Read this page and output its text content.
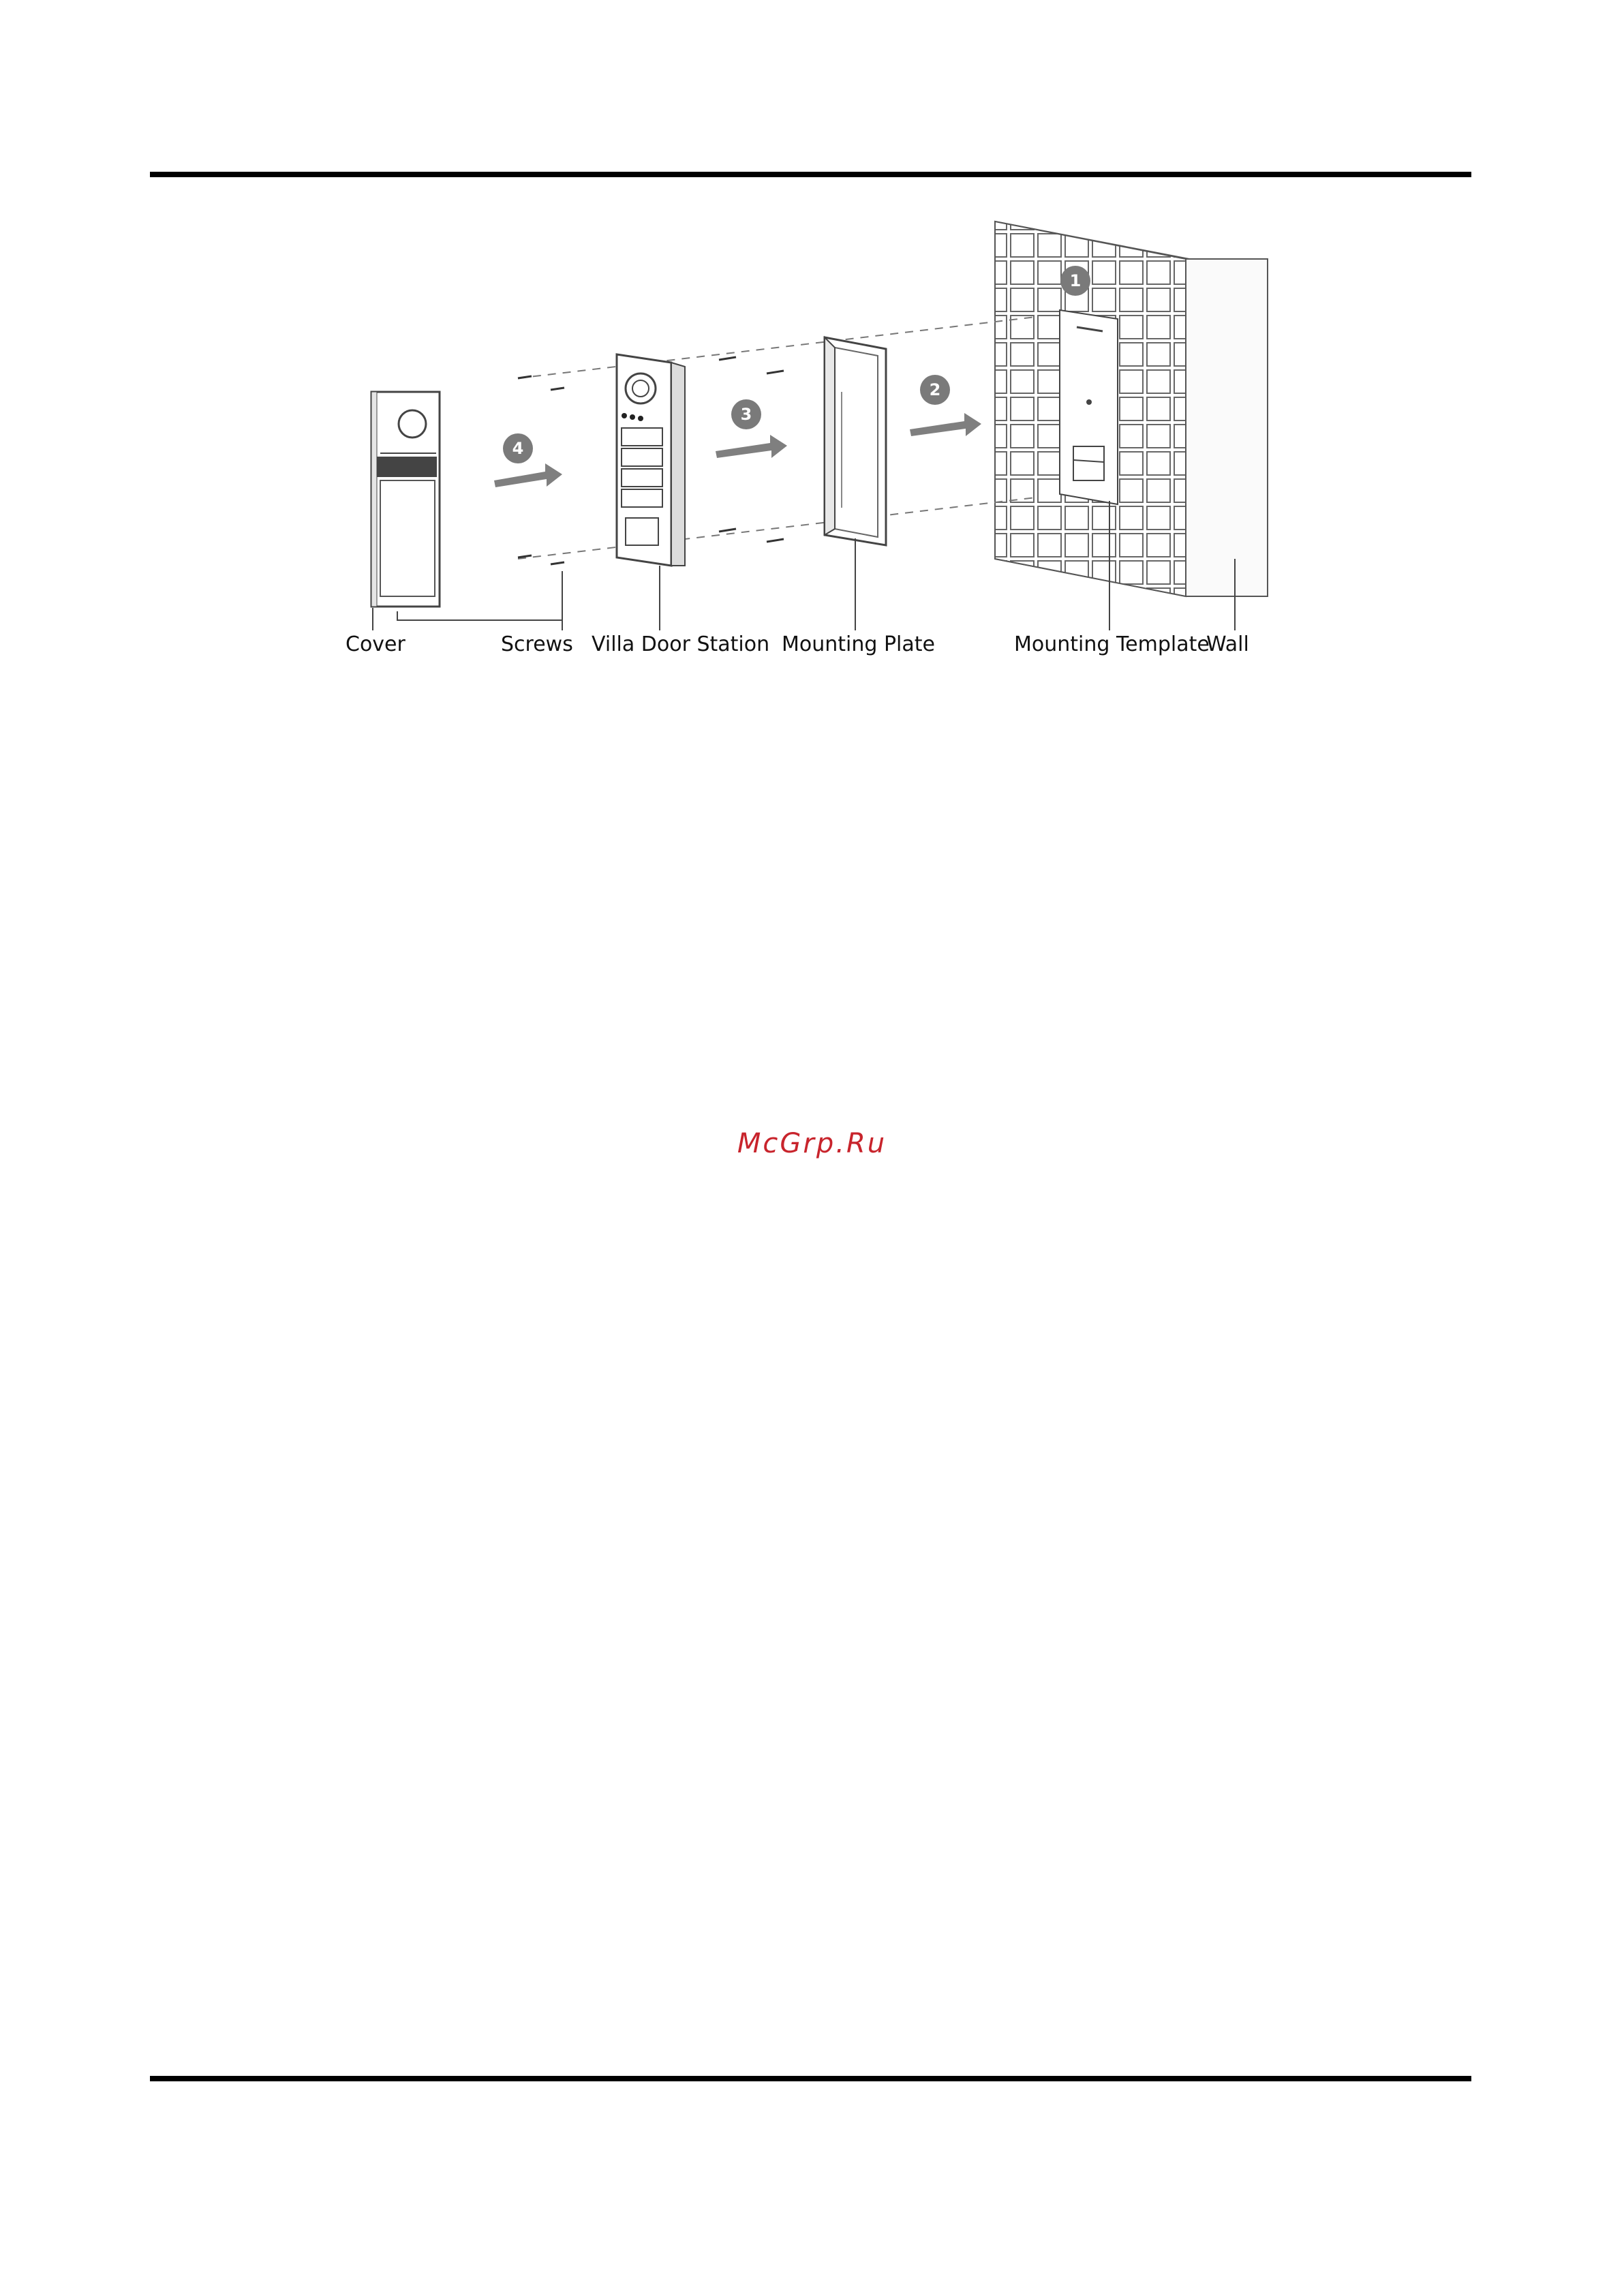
4
3
2
1
Cover	Screws Villa Door Station Mounting Plate	Mounting Template
Wall
McGrp.Ru
